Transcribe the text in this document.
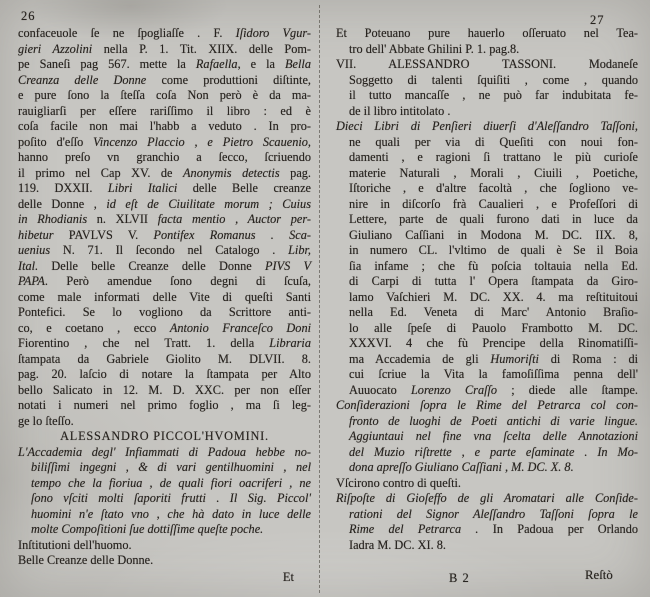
26	27
confaceuole ſe ne ſpogliaſſe . F. Iſidoro Vgur-
gieri Azzolini nella P. 1. Tit. XIIX. delle Pom-
pe Saneſi pag 567. mette la Rafaella, e la Bella
Creanza delle Donne come produttioni diſtinte,
e pure ſono la ſteſſa coſa Non però è da ma-
rauigliarſi per eſſere rariſſimo il libro : ed è
coſa facile non mai l'habb a veduto . In pro-
poſito d'eſſo Vincenzo Placcio , e Pietro Scauenio,
hanno preſo vn granchio a ſecco, ſcriuendo
il primo nel Cap XV. de Anonymis detectis pag.
119. DXXII. Libri Italici delle Belle creanze
delle Donne , id eſt de Ciuilitate morum ; Cuius
in Rhodianis n. XLVII facta mentio , Auctor per-
hibetur PAVLVS V. Pontifex Romanus . Sca-
uenius N. 71. Il ſecondo nel Catalogo . Libr,
Ital. Delle belle Creanze delle Donne PIVS V
PAPA. Però amendue ſono degni di ſcuſa,
come male informati delle Vite di queſti Santi
Pontefici. Se lo vogliono da Scrittore anti-
co, e coetano , ecco Antonio Franceſco Doni
Fiorentino , che nel Tratt. 1. della Libraria
ſtampata da Gabriele Giolito M. DLVII. 8.
pag. 20. laſcio di notare la ſtampata per Alto
bello Salicato in 12. M. D. XXC. per non eſſer
notati i numeri nel primo foglio , ma ſi leg-
ge lo ſteſſo.
ALESSANDRO PICCOL'HVOMINI.
L'Accademia degl' Infiammati di Padoua hebbe no-
biliſſimi ingegni , & di vari gentilhuomini , nel
tempo che la fioriua , de quali fiori oacriferi , ne
ſono vſciti molti ſaporiti frutti . Il Sig. Piccol'
huomini n'e ſtato vno , che hà dato in luce delle
molte Compoſitioni ſue dottiſſime queſte poche.
Inſtitutioni dell'huomo.
Belle Creanze delle Donne.
Et Poteuano pure hauerlo oſſeruato nel Tea-
tro dell' Abbate Ghilini P. 1. pag.8.
VII. ALESSANDRO TASSONI. Modaneſe
Soggetto di talenti ſquiſiti , come , quando
il tutto mancaſſe , ne può far indubitata fe-
de il libro intitolato .
Dieci Libri di Penſieri diuerſi d'Aleſſandro Taſſoni,
ne quali per via di Queſiti con noui fon-
damenti , e ragioni ſi trattano le più curioſe
materie Naturali , Morali , Ciuili , Poetiche,
Iſtoriche , e d'altre facoltà , che ſogliono ve-
nire in diſcorſo frà Caualieri , e Profeſſori di
Lettere, parte de quali furono dati in luce da
Giuliano Caſſiani in Modona M. DC. IIX. 8,
in numero CL. l'vltimo de quali è Se il Boia
ſia infame ; che fù poſcia toltauia nella Ed.
di Carpi di tutta l' Opera ſtampata da Giro-
lamo Vaſchieri M. DC. XX. 4. ma reſtituitoui
nella Ed. Veneta di Marc' Antonio Braſio-
lo alle ſpeſe di Pauolo Frambotto M. DC.
XXXVI. 4 che fù Prencipe della Rinomatiſſi-
ma Accademia de gli Humoriſti di Roma : di
cui ſcriue la Vita la famoſiſſima penna dell'
Auuocato Lorenzo Craſſo ; diede alle ſtampe.
Conſiderazioni ſopra le Rime del Petrarca col con-
fronto de luoghi de Poeti antichi di varie lingue.
Aggiuntaui nel fine vna ſcelta delle Annotazioni
del Muzio riſtrette , e parte eſaminate . In Mo-
dona apreſſo Giuliano Caſſiani , M. DC. X. 8.
Vſcirono contro di queſti.
Riſpoſte di Gioſeffo de gli Aromatari alle Conſide-
rationi del Signor Aleſſandro Taſſoni ſopra le
Rime del Petrarca . In Padoua per Orlando
Iadra M. DC. XI. 8.
Et	B 2	Reſtò
